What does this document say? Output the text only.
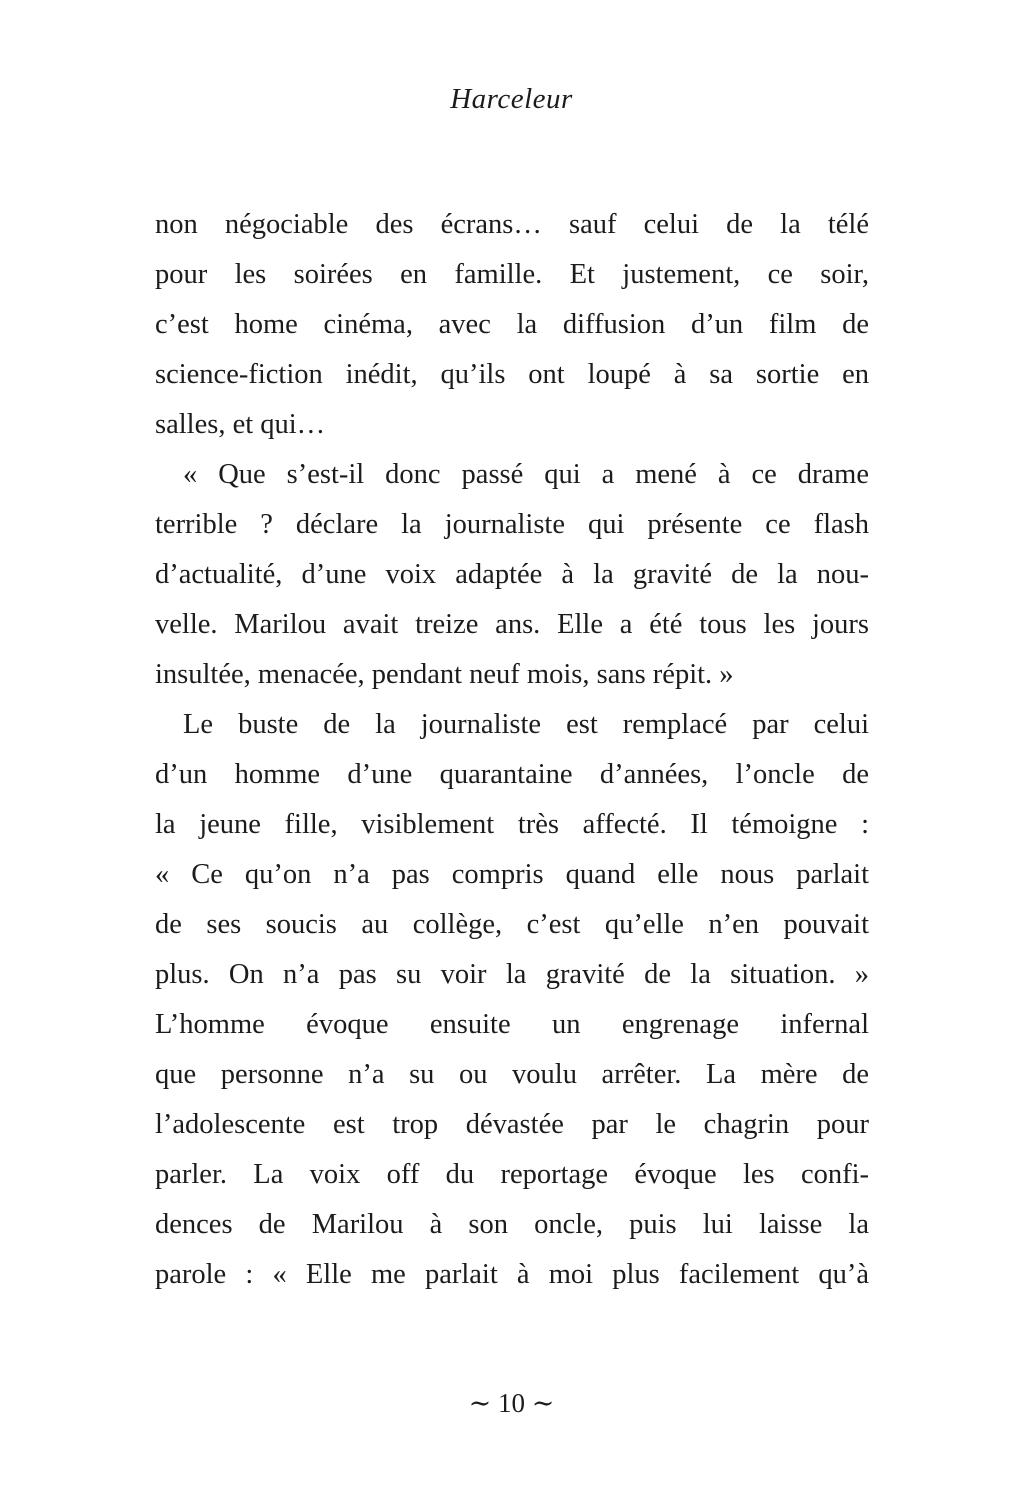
Harceleur
non négociable des écrans… sauf celui de la télé
pour les soirées en famille. Et justement, ce soir,
c’est home cinéma, avec la diffusion d’un film de
science-fiction inédit, qu’ils ont loupé à sa sortie en
salles, et qui…
« Que s’est-il donc passé qui a mené à ce drame
terrible ? déclare la journaliste qui présente ce flash
d’actualité, d’une voix adaptée à la gravité de la nou-
velle. Marilou avait treize ans. Elle a été tous les jours
insultée, menacée, pendant neuf mois, sans répit. »
Le buste de la journaliste est remplacé par celui
d’un homme d’une quarantaine d’années, l’oncle de
la jeune fille, visiblement très affecté. Il témoigne :
« Ce qu’on n’a pas compris quand elle nous parlait
de ses soucis au collège, c’est qu’elle n’en pouvait
plus. On n’a pas su voir la gravité de la situation. »
L’homme évoque ensuite un engrenage infernal
que personne n’a su ou voulu arrêter. La mère de
l’adolescente est trop dévastée par le chagrin pour
parler. La voix off du reportage évoque les confi-
dences de Marilou à son oncle, puis lui laisse la
parole : « Elle me parlait à moi plus facilement qu’à
∼ 10 ∼
